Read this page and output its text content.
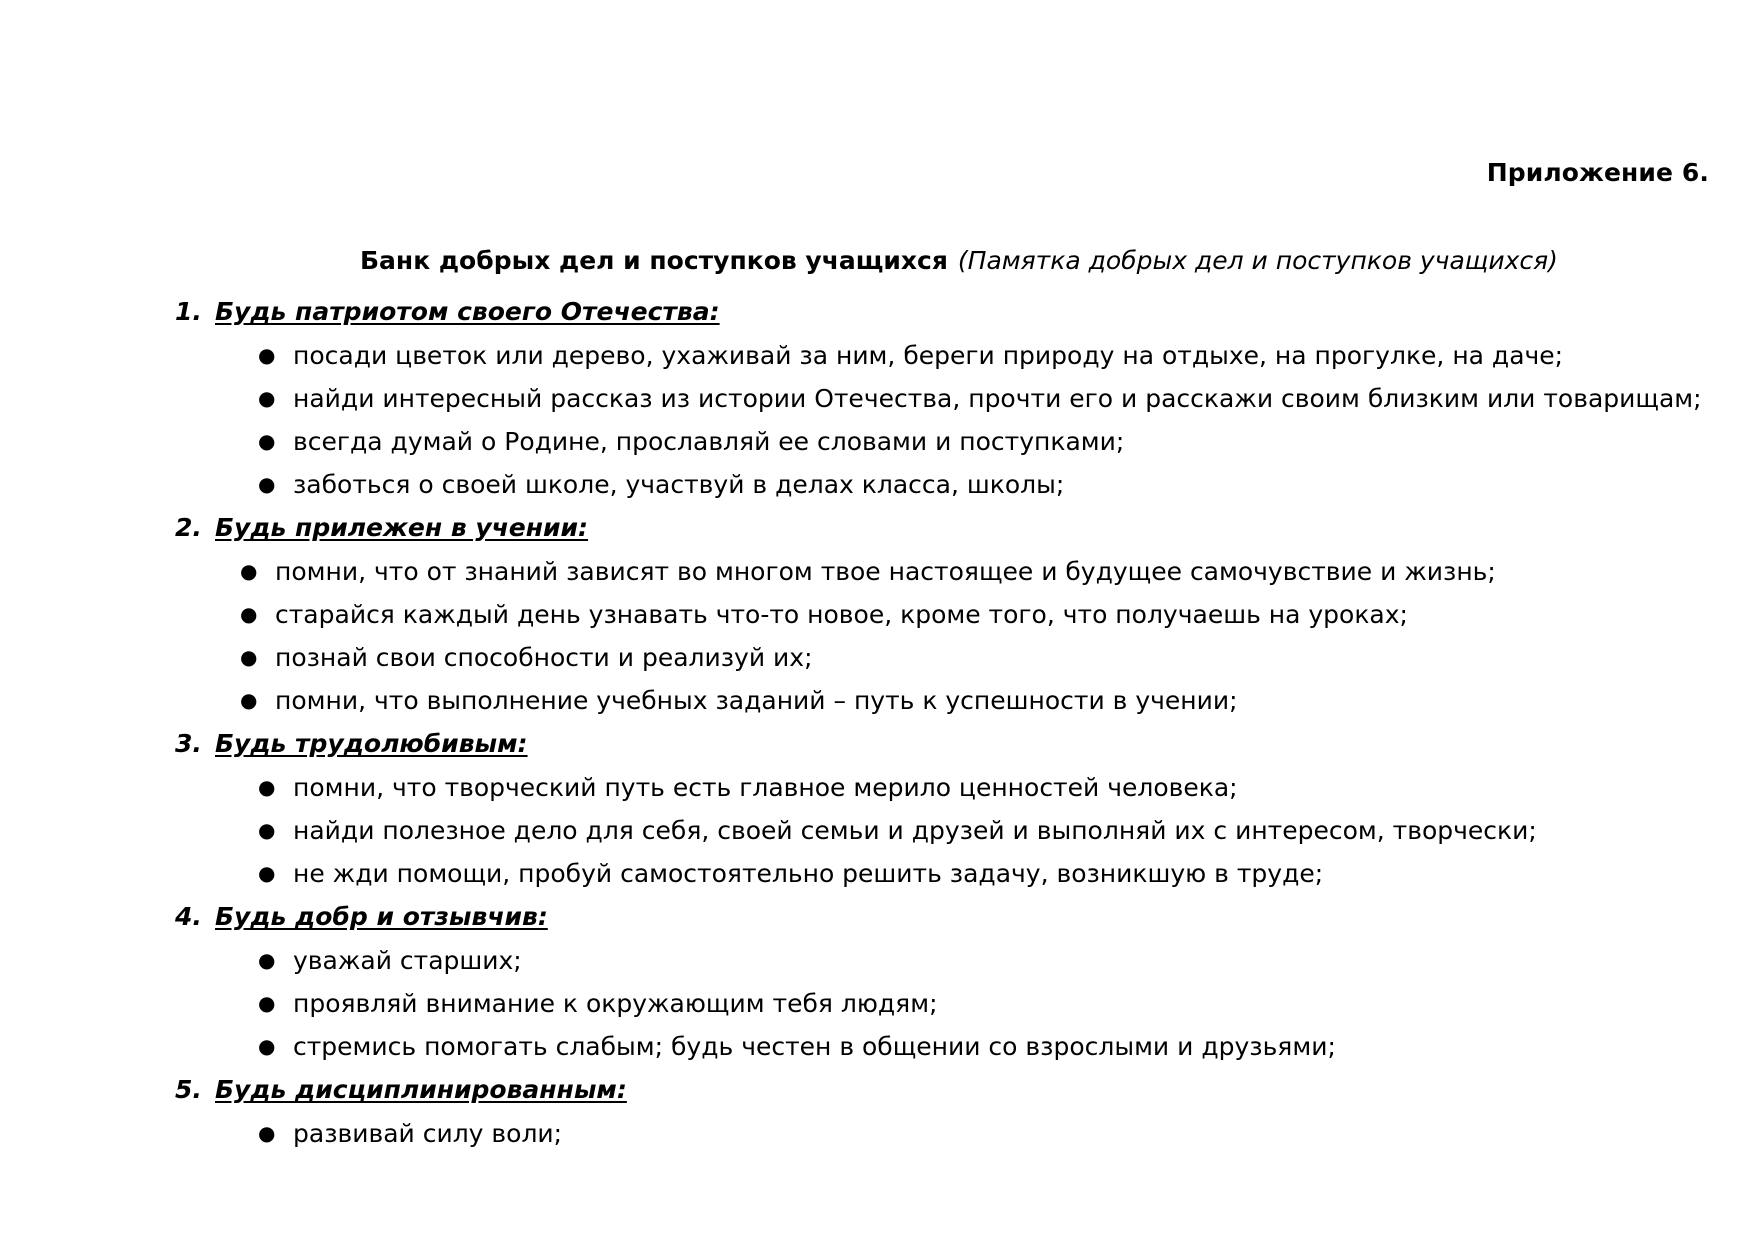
Приложение 6.
Банк добрых дел и поступков учащихся (Памятка добрых дел и поступков учащихся)
1. Будь патриотом своего Отечества:
● посади цветок или дерево, ухаживай за ним, береги природу на отдыхе, на прогулке, на даче;
● найди интересный рассказ из истории Отечества, прочти его и расскажи своим близким или товарищам;
● всегда думай о Родине, прославляй ее словами и поступками;
● заботься о своей школе, участвуй в делах класса, школы;
2. Будь прилежен в учении:
● помни, что от знаний зависят во многом твое настоящее и будущее самочувствие и жизнь;
● старайся каждый день узнавать что-то новое, кроме того, что получаешь на уроках;
● познай свои способности и реализуй их;
● помни, что выполнение учебных заданий – путь к успешности в учении;
3. Будь трудолюбивым:
● помни, что творческий путь есть главное мерило ценностей человека;
● найди полезное дело для себя, своей семьи и друзей и выполняй их с интересом, творчески;
● не жди помощи, пробуй самостоятельно решить задачу, возникшую в труде;
4. Будь добр и отзывчив:
● уважай старших;
● проявляй внимание к окружающим тебя людям;
● стремись помогать слабым; будь честен в общении со взрослыми и друзьями;
5. Будь дисциплинированным:
● развивай силу воли;
